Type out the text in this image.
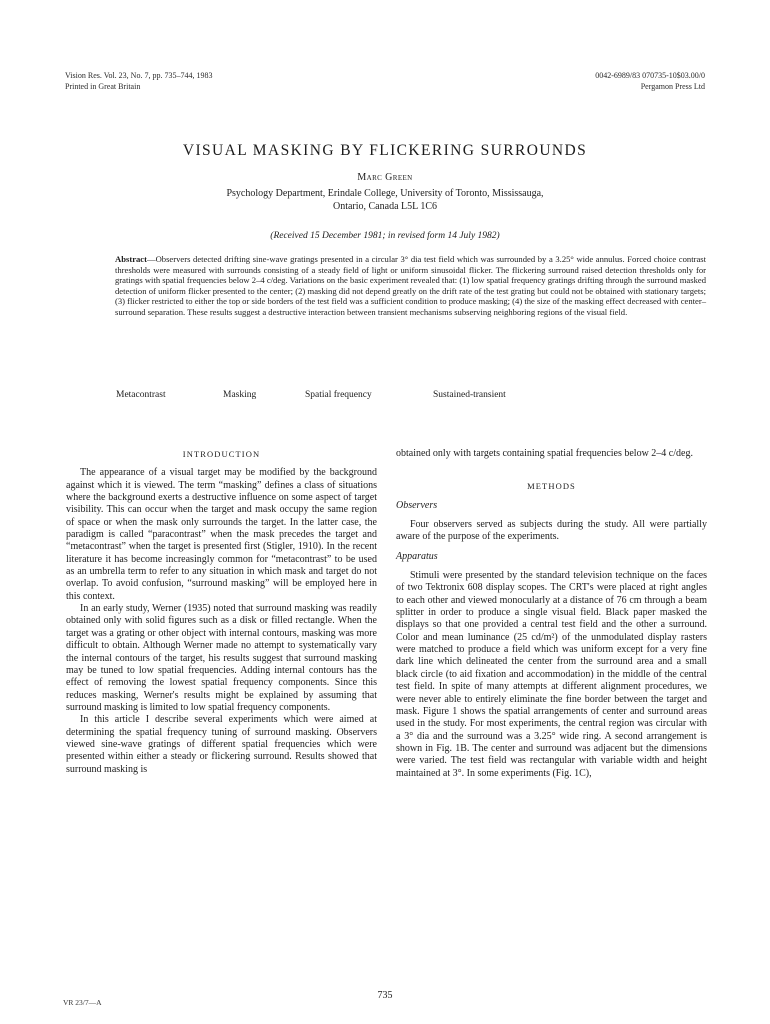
Vision Res. Vol. 23, No. 7, pp. 735–744, 1983
Printed in Great Britain
0042-6989/83 070735-10$03.00/0
Pergamon Press Ltd
VISUAL MASKING BY FLICKERING SURROUNDS
Marc Green
Psychology Department, Erindale College, University of Toronto, Mississauga,
Ontario, Canada L5L 1C6
(Received 15 December 1981; in revised form 14 July 1982)

Abstract—Observers detected drifting sine-wave gratings presented in a circular 3° dia test field which was surrounded by a 3.25° wide annulus. Forced choice contrast thresholds were measured with surrounds consisting of a steady field of light or uniform sinusoidal flicker. The flickering surround raised detection thresholds only for gratings with spatial frequencies below 2–4 c/deg. Variations on the basic experiment revealed that: (1) low spatial frequency gratings drifting through the surround masked detection of uniform flicker presented to the center; (2) masking did not depend greatly on the drift rate of the test grating but could not be obtained with stationary targets; (3) flicker restricted to either the top or side borders of the test field was a sufficient condition to produce masking; (4) the size of the masking effect decreased with center–surround separation. These results suggest a destructive interaction between transient mechanisms subserving neighboring regions of the visual field.

Metacontrast	Masking	Spatial frequency	Sustained-transient
INTRODUCTION

The appearance of a visual target may be modified by the background against which it is viewed. The term “masking” defines a class of situations where the background exerts a destructive influence on some aspect of target visibility. This can occur when the target and mask occupy the same region of space or when the mask only surrounds the target. In the latter case, the paradigm is called “paracontrast” when the mask precedes the target and “metacontrast” when the target is presented first (Stigler, 1910). In the recent literature it has become increasingly common for “metacontrast” to be used as an umbrella term to refer to any situation in which mask and target do not overlap. To avoid confusion, “surround masking” will be employed here in this context.

In an early study, Werner (1935) noted that surround masking was readily obtained only with solid figures such as a disk or filled rectangle. When the target was a grating or other object with internal contours, masking was more difficult to obtain. Although Werner made no attempt to systematically vary the internal contours of the target, his results suggest that surround masking may be tuned to low spatial frequencies. Adding internal contours has the effect of removing the lowest spatial frequency components. Since this reduces masking, Werner's results might be explained by assuming that surround masking is limited to low spatial frequency components.

In this article I describe several experiments which were aimed at determining the spatial frequency tuning of surround masking. Observers viewed sine-wave gratings of different spatial frequencies which were presented within either a steady or flickering surround. Results showed that surround masking is

obtained only with targets containing spatial frequencies below 2–4 c/deg.

METHODS

Observers

Four observers served as subjects during the study. All were partially aware of the purpose of the experiments.

Apparatus

Stimuli were presented by the standard television technique on the faces of two Tektronix 608 display scopes. The CRT's were placed at right angles to each other and viewed monocularly at a distance of 76 cm through a beam splitter in order to produce a single visual field. Black paper masked the displays so that one provided a central test field and the other a surround. Color and mean luminance (25 cd/m²) of the unmodulated display rasters were matched to produce a field which was uniform except for a very fine dark line which delineated the center from the surround area and a small black circle (to aid fixation and accommodation) in the middle of the central test field. In spite of many attempts at different alignment procedures, we were never able to entirely eliminate the fine border between the target and mask. Figure 1 shows the spatial arrangements of center and surround areas used in the study. For most experiments, the central region was circular with a 3° dia and the surround was a 3.25° wide ring. A second arrangement is shown in Fig. 1B. The center and surround was adjacent but the dimensions were varied. The test field was rectangular with variable width and height maintained at 3°. In some experiments (Fig. 1C),

VR 23/7—A
735
